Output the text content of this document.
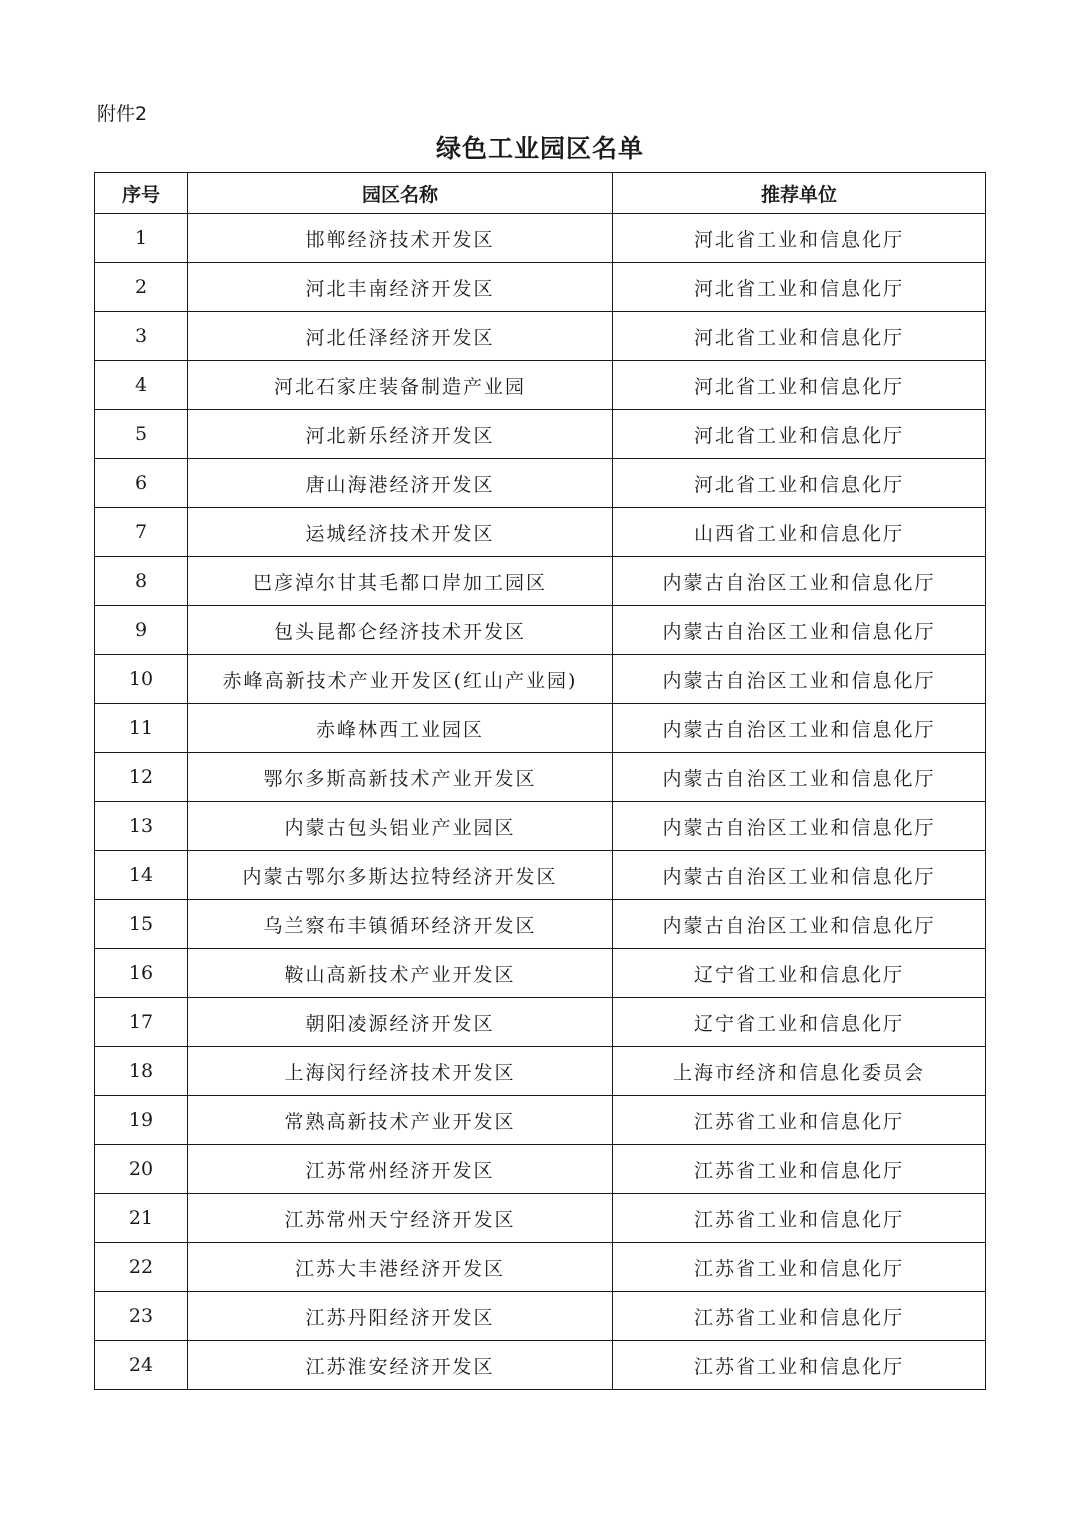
附件2
绿色工业园区名单
序号	园区名称	推荐单位
1	邯郸经济技术开发区	河北省工业和信息化厅
2	河北丰南经济开发区	河北省工业和信息化厅
3	河北任泽经济开发区	河北省工业和信息化厅
4	河北石家庄装备制造产业园	河北省工业和信息化厅
5	河北新乐经济开发区	河北省工业和信息化厅
6	唐山海港经济开发区	河北省工业和信息化厅
7	运城经济技术开发区	山西省工业和信息化厅
8	巴彦淖尔甘其毛都口岸加工园区	内蒙古自治区工业和信息化厅
9	包头昆都仑经济技术开发区	内蒙古自治区工业和信息化厅
10	赤峰高新技术产业开发区(红山产业园)	内蒙古自治区工业和信息化厅
11	赤峰林西工业园区	内蒙古自治区工业和信息化厅
12	鄂尔多斯高新技术产业开发区	内蒙古自治区工业和信息化厅
13	内蒙古包头铝业产业园区	内蒙古自治区工业和信息化厅
14	内蒙古鄂尔多斯达拉特经济开发区	内蒙古自治区工业和信息化厅
15	乌兰察布丰镇循环经济开发区	内蒙古自治区工业和信息化厅
16	鞍山高新技术产业开发区	辽宁省工业和信息化厅
17	朝阳凌源经济开发区	辽宁省工业和信息化厅
18	上海闵行经济技术开发区	上海市经济和信息化委员会
19	常熟高新技术产业开发区	江苏省工业和信息化厅
20	江苏常州经济开发区	江苏省工业和信息化厅
21	江苏常州天宁经济开发区	江苏省工业和信息化厅
22	江苏大丰港经济开发区	江苏省工业和信息化厅
23	江苏丹阳经济开发区	江苏省工业和信息化厅
24	江苏淮安经济开发区	江苏省工业和信息化厅
